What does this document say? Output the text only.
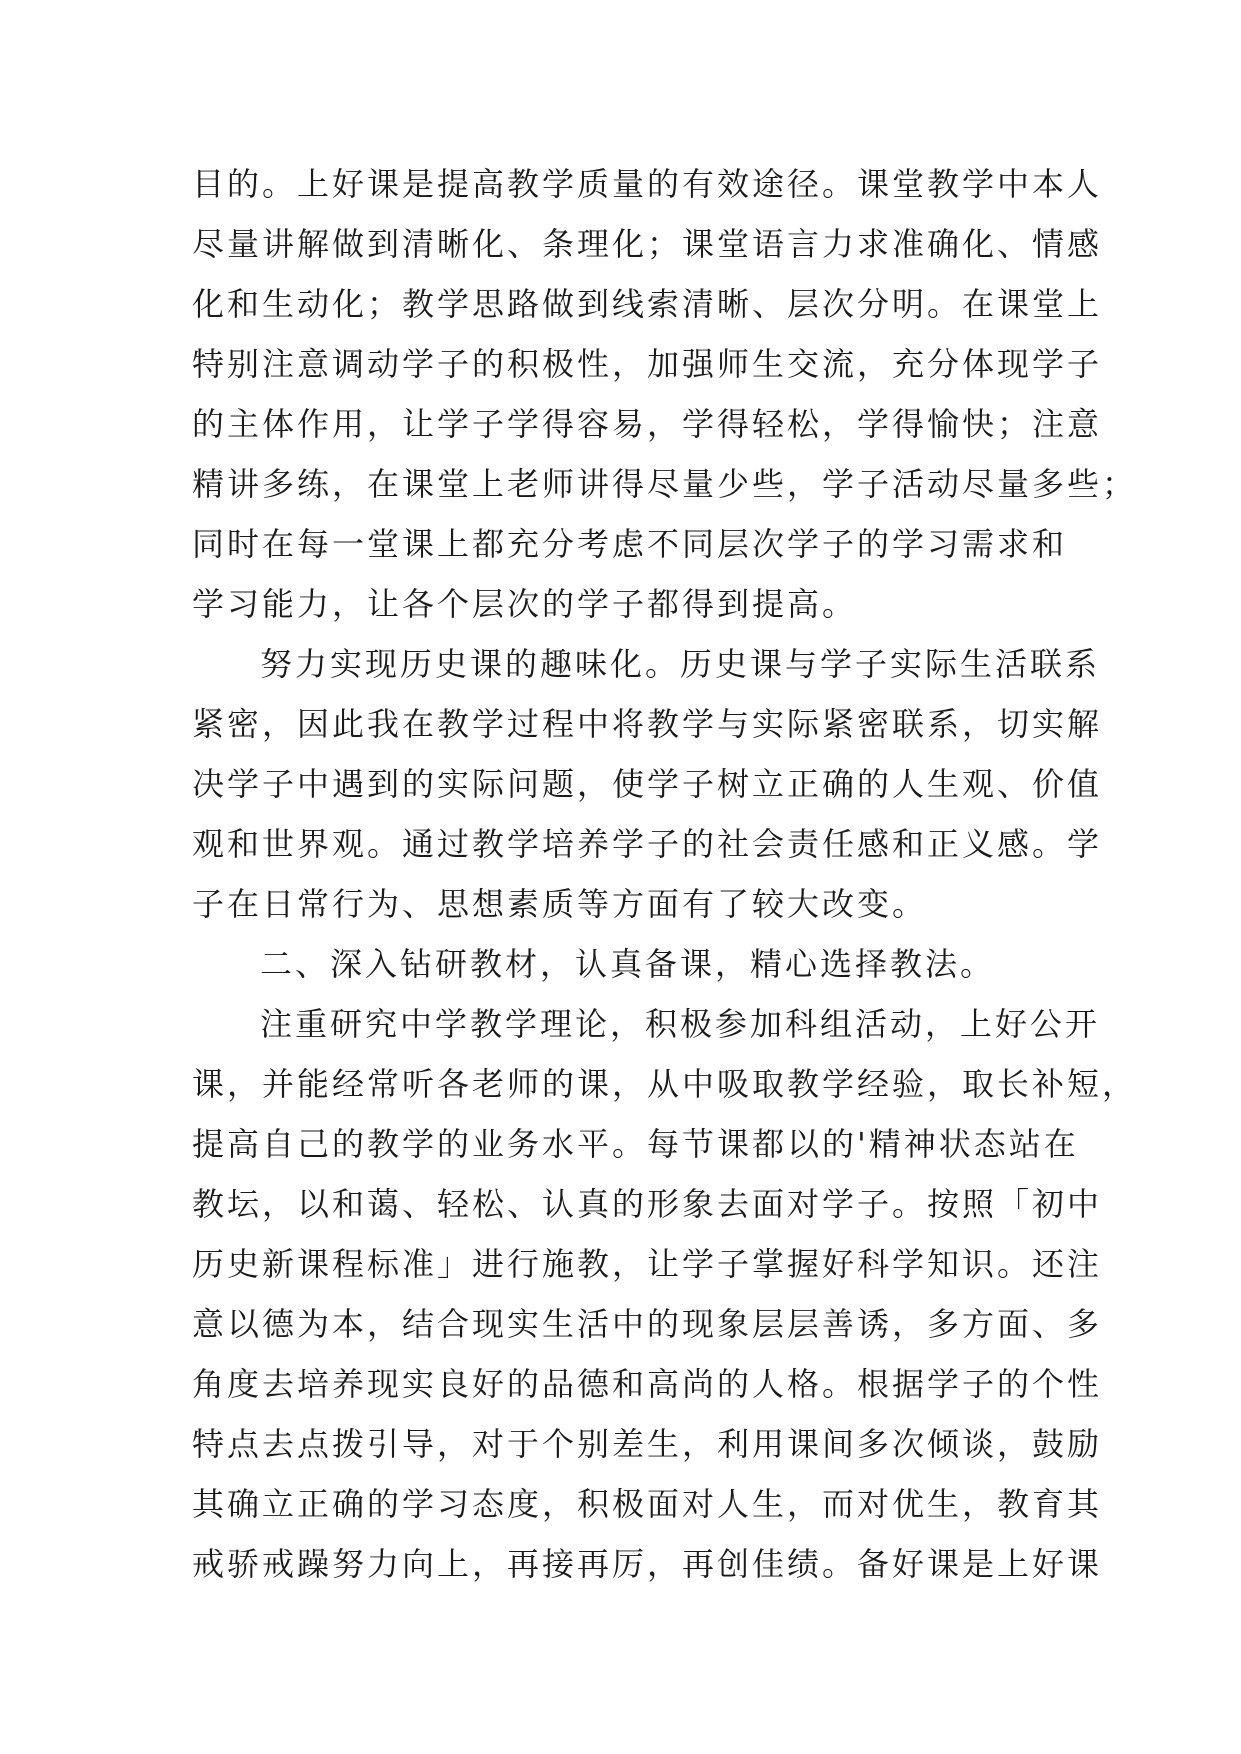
目的。上好课是提高教学质量的有效途径。课堂教学中本人

尽量讲解做到清晰化、条理化；课堂语言力求准确化、情感

化和生动化；教学思路做到线索清晰、层次分明。在课堂上

特别注意调动学子的积极性，加强师生交流，充分体现学子

的主体作用，让学子学得容易，学得轻松，学得愉快；注意

精讲多练，在课堂上老师讲得尽量少些，学子活动尽量多些；

同时在每一堂课上都充分考虑不同层次学子的学习需求和

学习能力，让各个层次的学子都得到提高。

努力实现历史课的趣味化。历史课与学子实际生活联系

紧密，因此我在教学过程中将教学与实际紧密联系，切实解

决学子中遇到的实际问题，使学子树立正确的人生观、价值

观和世界观。通过教学培养学子的社会责任感和正义感。学

子在日常行为、思想素质等方面有了较大改变。

二、深入钻研教材，认真备课，精心选择教法。

注重研究中学教学理论，积极参加科组活动，上好公开

课，并能经常听各老师的课，从中吸取教学经验，取长补短，

提高自己的教学的业务水平。每节课都以的'精神状态站在

教坛，以和蔼、轻松、认真的形象去面对学子。按照「初中

历史新课程标准」进行施教，让学子掌握好科学知识。还注

意以德为本，结合现实生活中的现象层层善诱，多方面、多

角度去培养现实良好的品德和高尚的人格。根据学子的个性

特点去点拨引导，对于个别差生，利用课间多次倾谈，鼓励

其确立正确的学习态度，积极面对人生，而对优生，教育其

戒骄戒躁努力向上，再接再厉，再创佳绩。备好课是上好课
